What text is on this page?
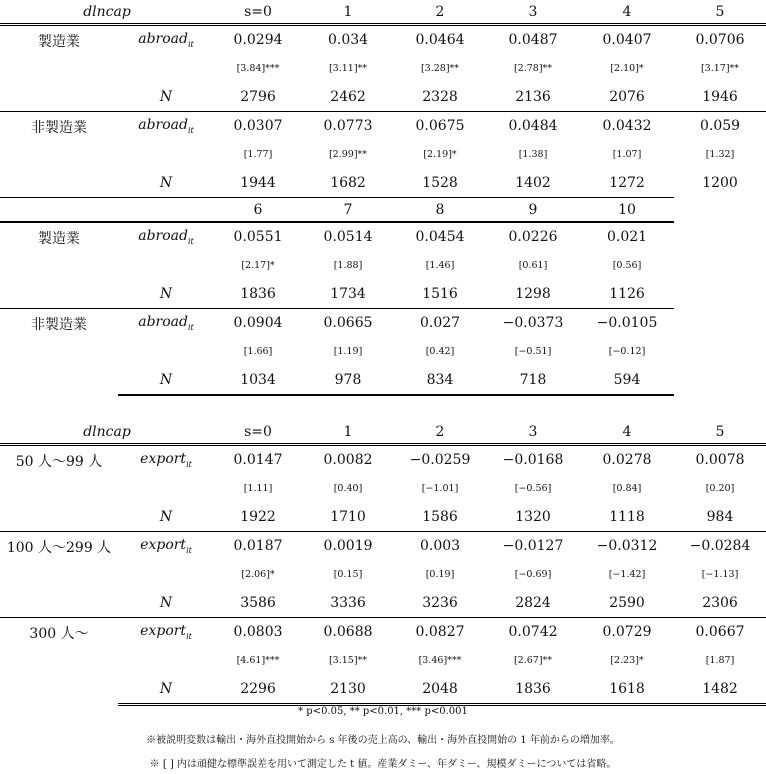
dlncap		s=0	1	2	3	4	5
製造業	abroad$_{it}$	0.0294	0.034	0.0464	0.0487	0.0407	0.0706
		[3.84]***	[3.11]**	[3.28]**	[2.78]**	[2.10]*	[3.17]**
	N	2796	2462	2328	2136	2076	1946
非製造業	abroad$_{it}$	0.0307	0.0773	0.0675	0.0484	0.0432	0.059
		[1.77]	[2.99]**	[2.19]*	[1.38]	[1.07]	[1.32]
	N	1944	1682	1528	1402	1272	1200
		6	7	8	9	10	
製造業	abroad$_{it}$	0.0551	0.0514	0.0454	0.0226	0.021	
		[2.17]*	[1.88]	[1.46]	[0.61]	[0.56]	
	N	1836	1734	1516	1298	1126	
非製造業	abroad$_{it}$	0.0904	0.0665	0.027	−0.0373	−0.0105	
		[1.66]	[1.19]	[0.42]	[−0.51]	[−0.12]	
	N	1034	978	834	718	594	
dlncap		s=0	1	2	3	4	5
50 人～99 人	export$_{it}$	0.0147	0.0082	−0.0259	−0.0168	0.0278	0.0078
		[1.11]	[0.40]	[−1.01]	[−0.56]	[0.84]	[0.20]
	N	1922	1710	1586	1320	1118	984
100 人～299 人	export$_{it}$	0.0187	0.0019	0.003	−0.0127	−0.0312	−0.0284
		[2.06]*	[0.15]	[0.19]	[−0.69]	[−1.42]	[−1.13]
	N	3586	3336	3236	2824	2590	2306
300 人～	export$_{it}$	0.0803	0.0688	0.0827	0.0742	0.0729	0.0667
		[4.61]***	[3.15]**	[3.46]***	[2.67]**	[2.23]*	[1.87]
	N	2296	2130	2048	1836	1618	1482
* p<0.05, ** p<0.01, *** p<0.001
※被説明変数は輸出・海外直投開始から s 年後の売上高の、輸出・海外直投開始の 1 年前からの増加率。
※ [ ] 内は頑健な標準誤差を用いて測定した t 値。産業ダミー、年ダミー、規模ダミーについては省略。
